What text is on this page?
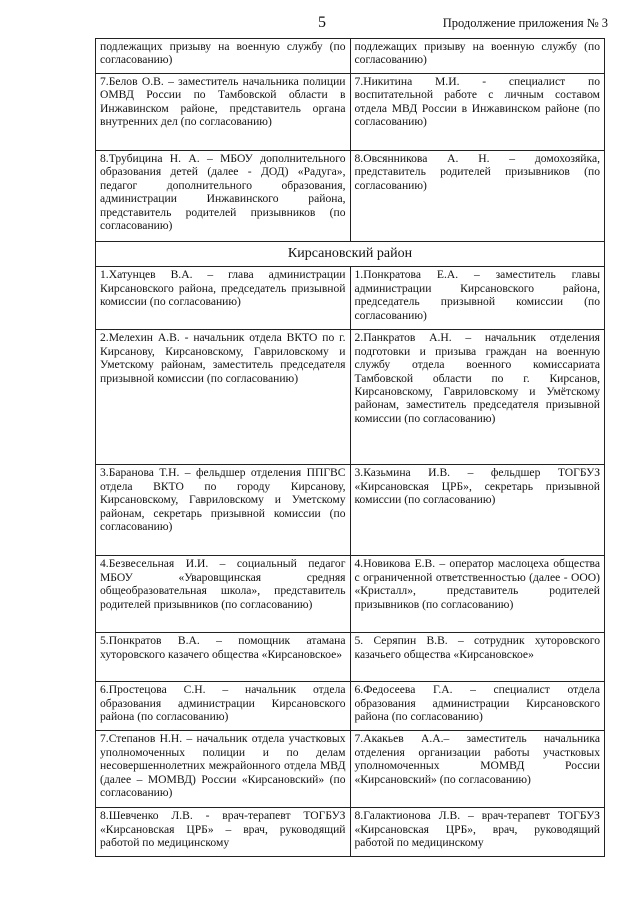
5	Продолжение приложения № 3
подлежащих призыву на военную службу (по согласованию)	подлежащих призыву на военную службу (по согласованию)
7.Белов О.В. – заместитель начальника полиции ОМВД России по Тамбовской области в Инжавинском районе, представитель органа внутренних дел (по согласованию)	7.Никитина М.И. - специалист по воспитательной работе с личным составом отдела МВД России в Инжавинском районе (по согласованию)
8.Трубицина Н. А. – МБОУ дополнительного образования детей (далее - ДОД) «Радуга», педагог дополнительного образования, администрации Инжавинского района, представитель родителей призывников (по согласованию)	8.Овсянникова А. Н. – домохозяйка, представитель родителей призывников (по согласованию)
Кирсановский район	
1.Хатунцев В.А. – глава администрации Кирсановского района, председатель призывной комиссии (по согласованию)	1.Понкратова Е.А. – заместитель главы администрации Кирсановского района, председатель призывной комиссии (по согласованию)
2.Мелехин А.В. - начальник отдела ВКТО по г. Кирсанову, Кирсановскому, Гавриловскому и Уметскому районам, заместитель председателя призывной комиссии (по согласованию)	2.Панкратов А.Н. – начальник отделения подготовки и призыва граждан на военную службу отдела военного комиссариата Тамбовской области по г. Кирсанов, Кирсановскому, Гавриловскому и Умётскому районам, заместитель председателя призывной комиссии (по согласованию)
3.Баранова Т.Н. – фельдшер отделения ППГВС отдела ВКТО по городу Кирсанову, Кирсановскому, Гавриловскому и Уметскому районам, секретарь призывной комиссии (по согласованию)	3.Казьмина И.В. – фельдшер ТОГБУЗ «Кирсановская ЦРБ», секретарь призывной комиссии (по согласованию)
4.Безвесельная И.И. – социальный педагог МБОУ «Уваровщинская средняя общеобразовательная школа», представитель родителей призывников (по согласованию)	4.Новикова Е.В. – оператор маслоцеха общества с ограниченной ответственностью (далее - ООО) «Кристалл», представитель родителей призывников (по согласованию)
5.Понкратов В.А. – помощник атамана хуторовского казачего общества «Кирсановское»	5. Серяпин В.В. – сотрудник хуторовского казачьего общества «Кирсановское»
6.Простецова С.Н. – начальник отдела образования администрации Кирсановского района (по согласованию)	6.Федосеева Г.А. – специалист отдела образования администрации Кирсановского района (по согласованию)
7.Степанов Н.Н. – начальник отдела участковых уполномоченных полиции и по делам несовершеннолетних межрайонного отдела МВД (далее – МОМВД) России «Кирсановский» (по согласованию)	7.Акакьев А.А.– заместитель начальника отделения организации работы участковых уполномоченных МОМВД России «Кирсановский» (по согласованию)
8.Шевченко Л.В. - врач-терапевт ТОГБУЗ «Кирсановская ЦРБ» – врач, руководящий работой по медицинскому	8.Галактионова Л.В. – врач-терапевт ТОГБУЗ «Кирсановская ЦРБ», врач, руководящий работой по медицинскому
